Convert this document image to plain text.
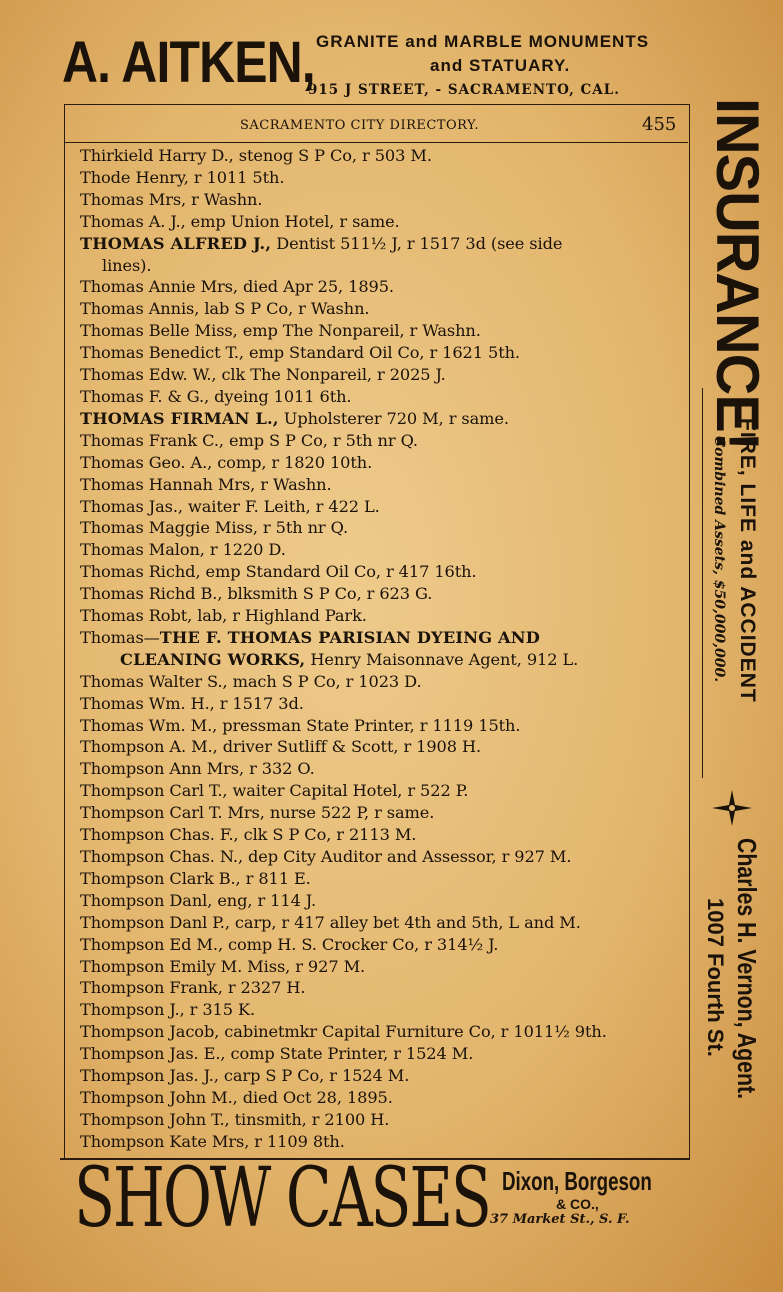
A. AITKEN, GRANITE and MARBLE MONUMENTS
and STATUARY.
915 J STREET, - SACRAMENTO, CAL.
SACRAMENTO CITY DIRECTORY.	455
Thirkield Harry D., stenog S P Co, r 503 M.
Thode Henry, r 1011 5th.
Thomas Mrs, r Washn.
Thomas A. J., emp Union Hotel, r same.
THOMAS ALFRED J., Dentist 511½ J, r 1517 3d (see side
lines).
Thomas Annie Mrs, died Apr 25, 1895.
Thomas Annis, lab S P Co, r Washn.
Thomas Belle Miss, emp The Nonpareil, r Washn.
Thomas Benedict T., emp Standard Oil Co, r 1621 5th.
Thomas Edw. W., clk The Nonpareil, r 2025 J.
Thomas F. & G., dyeing 1011 6th.
THOMAS FIRMAN L., Upholsterer 720 M, r same.
Thomas Frank C., emp S P Co, r 5th nr Q.
Thomas Geo. A., comp, r 1820 10th.
Thomas Hannah Mrs, r Washn.
Thomas Jas., waiter F. Leith, r 422 L.
Thomas Maggie Miss, r 5th nr Q.
Thomas Malon, r 1220 D.
Thomas Richd, emp Standard Oil Co, r 417 16th.
Thomas Richd B., blksmith S P Co, r 623 G.
Thomas Robt, lab, r Highland Park.
Thomas—THE F. THOMAS PARISIAN DYEING AND
CLEANING WORKS, Henry Maisonnave Agent, 912 L.
Thomas Walter S., mach S P Co, r 1023 D.
Thomas Wm. H., r 1517 3d.
Thomas Wm. M., pressman State Printer, r 1119 15th.
Thompson A. M., driver Sutliff & Scott, r 1908 H.
Thompson Ann Mrs, r 332 O.
Thompson Carl T., waiter Capital Hotel, r 522 P.
Thompson Carl T. Mrs, nurse 522 P, r same.
Thompson Chas. F., clk S P Co, r 2113 M.
Thompson Chas. N., dep City Auditor and Assessor, r 927 M.
Thompson Clark B., r 811 E.
Thompson Danl, eng, r 114 J.
Thompson Danl P., carp, r 417 alley bet 4th and 5th, L and M.
Thompson Ed M., comp H. S. Crocker Co, r 314½ J.
Thompson Emily M. Miss, r 927 M.
Thompson Frank, r 2327 H.
Thompson J., r 315 K.
Thompson Jacob, cabinetmkr Capital Furniture Co, r 1011½ 9th.
Thompson Jas. E., comp State Printer, r 1524 M.
Thompson Jas. J., carp S P Co, r 1524 M.
Thompson John M., died Oct 28, 1895.
Thompson John T., tinsmith, r 2100 H.
Thompson Kate Mrs, r 1109 8th.
SHOW CASES Dixon, Borgeson
& CO.,
37 Market St., S. F.
INSURANCE!
FIRE, LIFE and ACCIDENT
Combined Assets, $50,000,000.
Charles H. Vernon, Agent.
1007 Fourth St.
